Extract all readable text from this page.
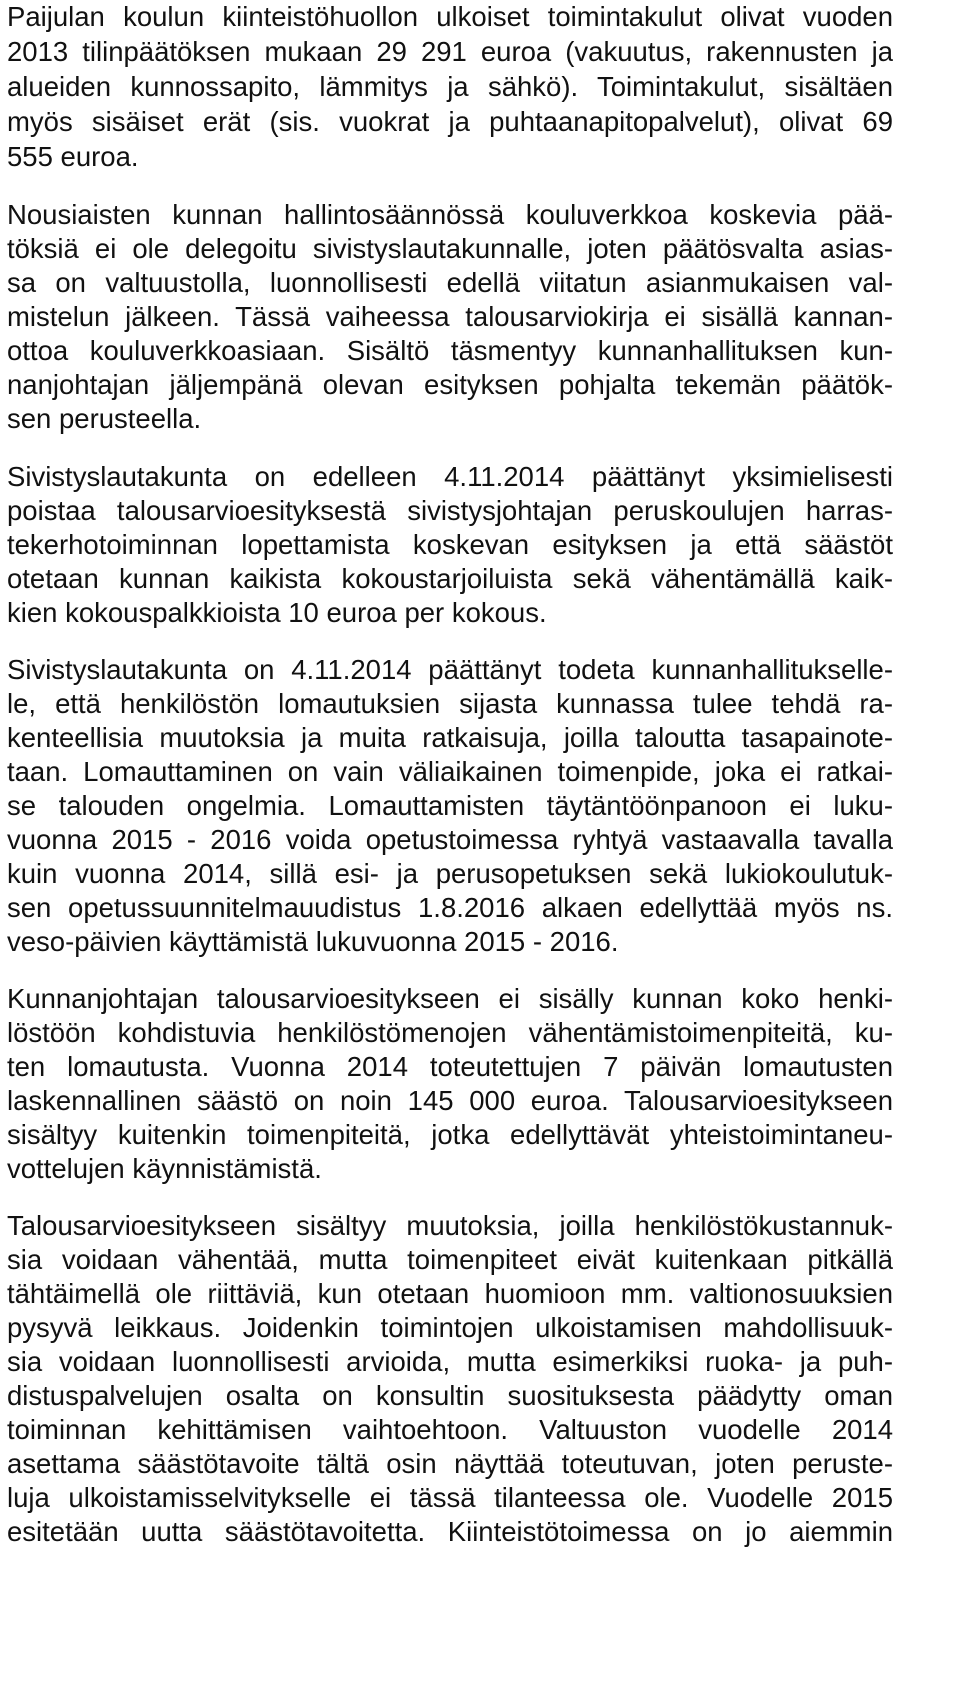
Paijulan koulun kiinteistöhuollon ulkoiset toimintakulut olivat vuoden
2013 tilinpäätöksen mukaan 29 291 euroa (vakuutus, rakennusten ja
alueiden kunnossapito, lämmitys ja sähkö). Toimintakulut, sisältäen
myös sisäiset erät (sis. vuokrat ja puhtaanapitopalvelut), olivat 69
555 euroa.
Nousiaisten kunnan hallintosäännössä kouluverkkoa koskevia pää-
töksiä ei ole delegoitu sivistyslautakunnalle, joten päätösvalta asias-
sa on valtuustolla, luonnollisesti edellä viitatun asianmukaisen val-
mistelun jälkeen. Tässä vaiheessa talousarviokirja ei sisällä kannan-
ottoa kouluverkkoasiaan. Sisältö täsmentyy kunnanhallituksen kun-
nanjohtajan jäljempänä olevan esityksen pohjalta tekemän päätök-
sen perusteella.
Sivistyslautakunta on edelleen 4.11.2014 päättänyt yksimielisesti
poistaa talousarvioesityksestä sivistysjohtajan peruskoulujen harras-
tekerhotoiminnan lopettamista koskevan esityksen ja että säästöt
otetaan kunnan kaikista kokoustarjoiluista sekä vähentämällä kaik-
kien kokouspalkkioista 10 euroa per kokous.
Sivistyslautakunta on 4.11.2014 päättänyt todeta kunnanhallitukselle-
le, että henkilöstön lomautuksien sijasta kunnassa tulee tehdä ra-
kenteellisia muutoksia ja muita ratkaisuja, joilla taloutta tasapainote-
taan. Lomauttaminen on vain väliaikainen toimenpide, joka ei ratkai-
se talouden ongelmia. Lomauttamisten täytäntöönpanoon ei luku-
vuonna 2015 - 2016 voida opetustoimessa ryhtyä vastaavalla tavalla
kuin vuonna 2014, sillä esi- ja perusopetuksen sekä lukiokoulutuk-
sen opetussuunnitelmauudistus 1.8.2016 alkaen edellyttää myös ns.
veso-päivien käyttämistä lukuvuonna 2015 - 2016.
Kunnanjohtajan talousarvioesitykseen ei sisälly kunnan koko henki-
löstöön kohdistuvia henkilöstömenojen vähentämistoimenpiteitä, ku-
ten lomautusta. Vuonna 2014 toteutettujen 7 päivän lomautusten
laskennallinen säästö on noin 145 000 euroa. Talousarvioesitykseen
sisältyy kuitenkin toimenpiteitä, jotka edellyttävät yhteistoimintaneu-
vottelujen käynnistämistä.
Talousarvioesitykseen sisältyy muutoksia, joilla henkilöstökustannuk-
sia voidaan vähentää, mutta toimenpiteet eivät kuitenkaan pitkällä
tähtäimellä ole riittäviä, kun otetaan huomioon mm. valtionosuuksien
pysyvä leikkaus. Joidenkin toimintojen ulkoistamisen mahdollisuuk-
sia voidaan luonnollisesti arvioida, mutta esimerkiksi ruoka- ja puh-
distuspalvelujen osalta on konsultin suosituksesta päädytty oman
toiminnan kehittämisen vaihtoehtoon. Valtuuston vuodelle 2014
asettama säästötavoite tältä osin näyttää toteutuvan, joten peruste-
luja ulkoistamisselvitykselle ei tässä tilanteessa ole. Vuodelle 2015
esitetään uutta säästötavoitetta. Kiinteistötoimessa on jo aiemmin
